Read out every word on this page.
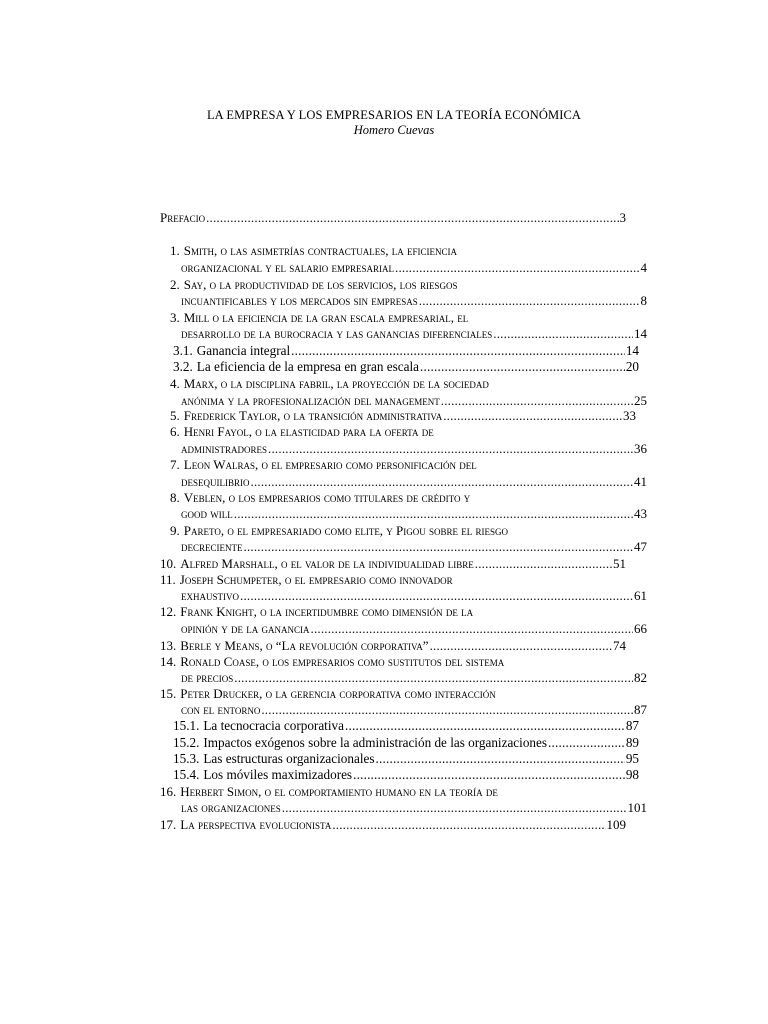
LA EMPRESA Y LOS EMPRESARIOS EN LA TEORÍA ECONÓMICA
Homero Cuevas
Prefacio .....	3
1. Smith, o las asimetrías contractuales, la eficiencia
organizacional y el salario empresarial .....	4
2. Say, o la productividad de los servicios, los riesgos
incuantificables y los mercados sin empresas .....	8
3. Mill o la eficiencia de la gran escala empresarial, el
desarrollo de la burocracia y las ganancias diferenciales .....	14
3.1. Ganancia integral .....	14
3.2. La eficiencia de la empresa en gran escala .....	20
4. Marx, o la disciplina fabril, la proyección de la sociedad
anónima y la profesionalización del management .....	25
5. Frederick Taylor, o la transición administrativa .....	33
6. Henri Fayol, o la elasticidad para la oferta de
administradores .....	36
7. Leon Walras, o el empresario como personificación del
desequilibrio .....	41
8. Veblen, o los empresarios como titulares de crédito y
good will .....	43
9. Pareto, o el empresariado como elite, y Pigou sobre el riesgo
decreciente .....	47
10. Alfred Marshall, o el valor de la individualidad libre .....	51
11. Joseph Schumpeter, o el empresario como innovador
exhaustivo .....	61
12. Frank Knight, o la incertidumbre como dimensión de la
opinión y de la ganancia .....	66
13. Berle y Means, o “La revolución corporativa” .....	74
14. Ronald Coase, o los empresarios como sustitutos del sistema
de precios .....	82
15. Peter Drucker, o la gerencia corporativa como interacción
con el entorno .....	87
15.1. La tecnocracia corporativa .....	87
15.2. Impactos exógenos sobre la administración de las organizaciones .....	89
15.3. Las estructuras organizacionales .....	95
15.4. Los móviles maximizadores .....	98
16. Herbert Simon, o el comportamiento humano en la teoría de
las organizaciones .....	101
17. La perspectiva evolucionista .....	109
